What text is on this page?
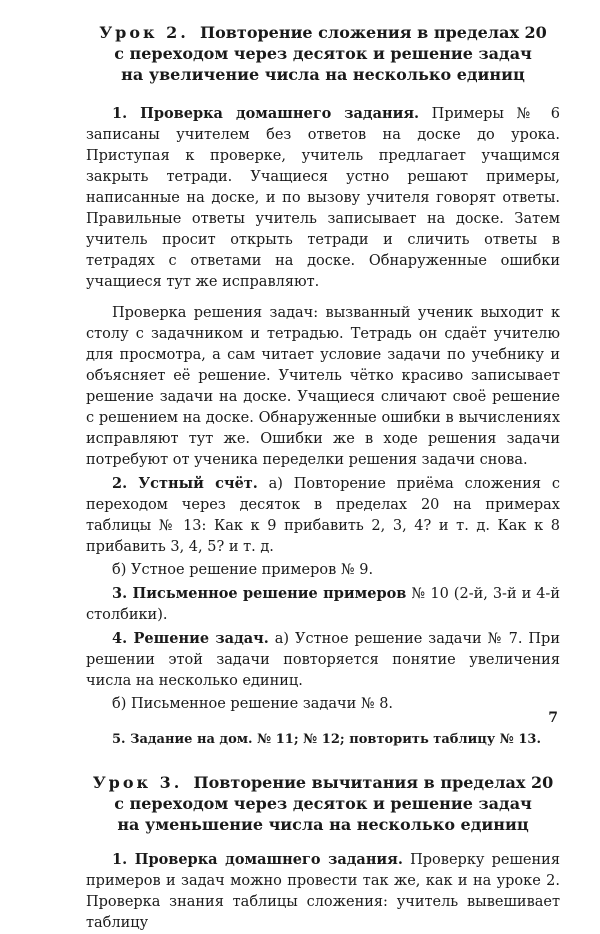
Урок 2. Повторение сложения в пределах 20
с переходом через десяток и решение задач
на увеличение числа на несколько единиц

1. Проверка домашнего задания. Примеры № 6 записаны учителем без ответов на доске до урока. Приступая к проверке, учитель предлагает учащимся закрыть тетради. Учащиеся устно решают примеры, написанные на доске, и по вызову учителя говорят ответы. Правильные ответы учитель записывает на доске. Затем учитель просит открыть тетради и сличить ответы в тетрадях с ответами на доске. Обнаруженные ошибки учащиеся тут же исправляют.

Проверка решения задач: вызванный ученик выходит к столу с задачником и тетрадью. Тетрадь он сдаёт учителю для просмотра, а сам читает условие задачи по учебнику и объясняет её решение. Учитель чётко красиво записывает решение задачи на доске. Учащиеся сличают своё решение с решением на доске. Обнаруженные ошибки в вычислениях исправляют тут же. Ошибки же в ходе решения задачи потребуют от ученика переделки решения задачи снова.

2. Устный счёт. а) Повторение приёма сложения с переходом через десяток в пределах 20 на примерах таблицы № 13: Как к 9 прибавить 2, 3, 4? и т. д. Как к 8 прибавить 3, 4, 5? и т. д.

б) Устное решение примеров № 9.

3. Письменное решение примеров № 10 (2-й, 3-й и 4-й столбики).

4. Решение задач. а) Устное решение задачи № 7. При решении этой задачи повторяется понятие увеличения числа на несколько единиц.

б) Письменное решение задачи № 8.

5. Задание на дом. № 11; № 12; повторить таблицу № 13.

Урок 3. Повторение вычитания в пределах 20
с переходом через десяток и решение задач
на уменьшение числа на несколько единиц

1. Проверка домашнего задания. Проверку решения примеров и задач можно провести так же, как и на уроке 2. Проверка знания таблицы сложения: учитель вывешивает таблицу

7
